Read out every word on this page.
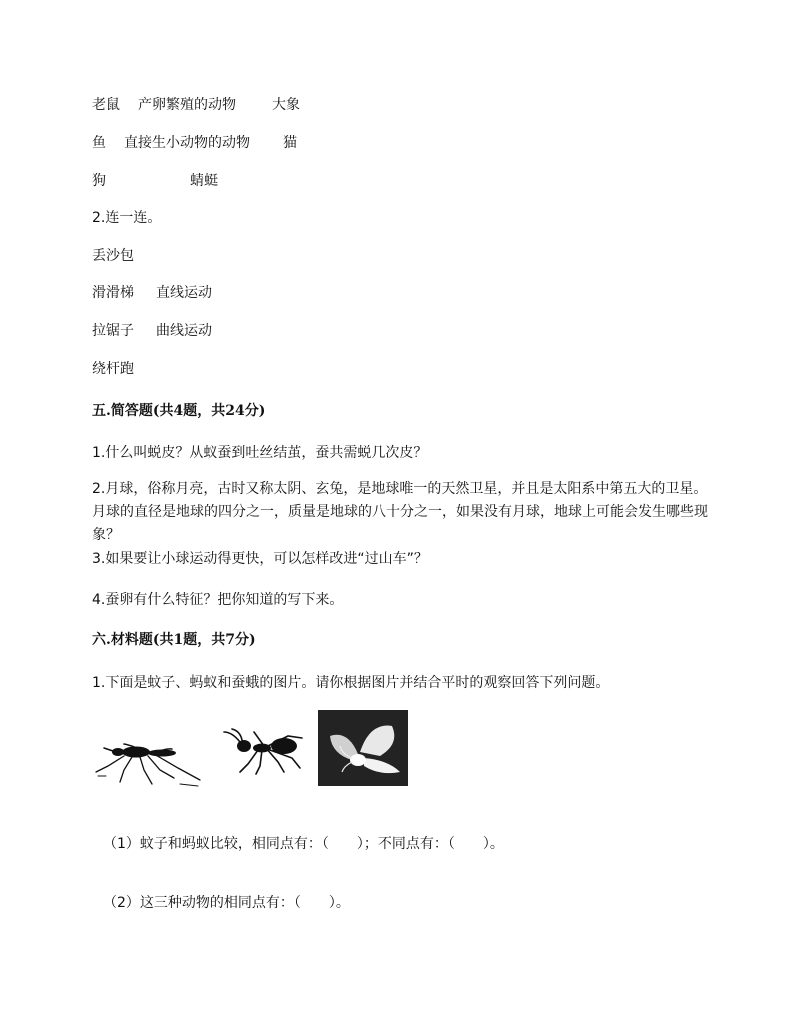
老鼠 产卵繁殖的动物	大象
鱼 直接生小动物的动物 猫
狗	蜻蜓
2.连一连。
丢沙包
滑滑梯 直线运动
拉锯子 曲线运动
绕杆跑
五.简答题(共4题，共24分)
1.什么叫蜕皮？从蚁蚕到吐丝结茧，蚕共需蜕几次皮？
2.月球，俗称月亮，古时又称太阴、玄兔，是地球唯一的天然卫星，并且是太阳系中第五大的卫星。月球的直径是地球的四分之一，质量是地球的八十分之一，如果没有月球，地球上可能会发生哪些现象？
3.如果要让小球运动得更快，可以怎样改进“过山车”？
4.蚕卵有什么特征？把你知道的写下来。
六.材料题(共1题，共7分)
1.下面是蚊子、蚂蚁和蚕蛾的图片。请你根据图片并结合平时的观察回答下列问题。
（1）蚊子和蚂蚁比较，相同点有：（　　）；不同点有：（　　）。
（2）这三种动物的相同点有：（　　）。
